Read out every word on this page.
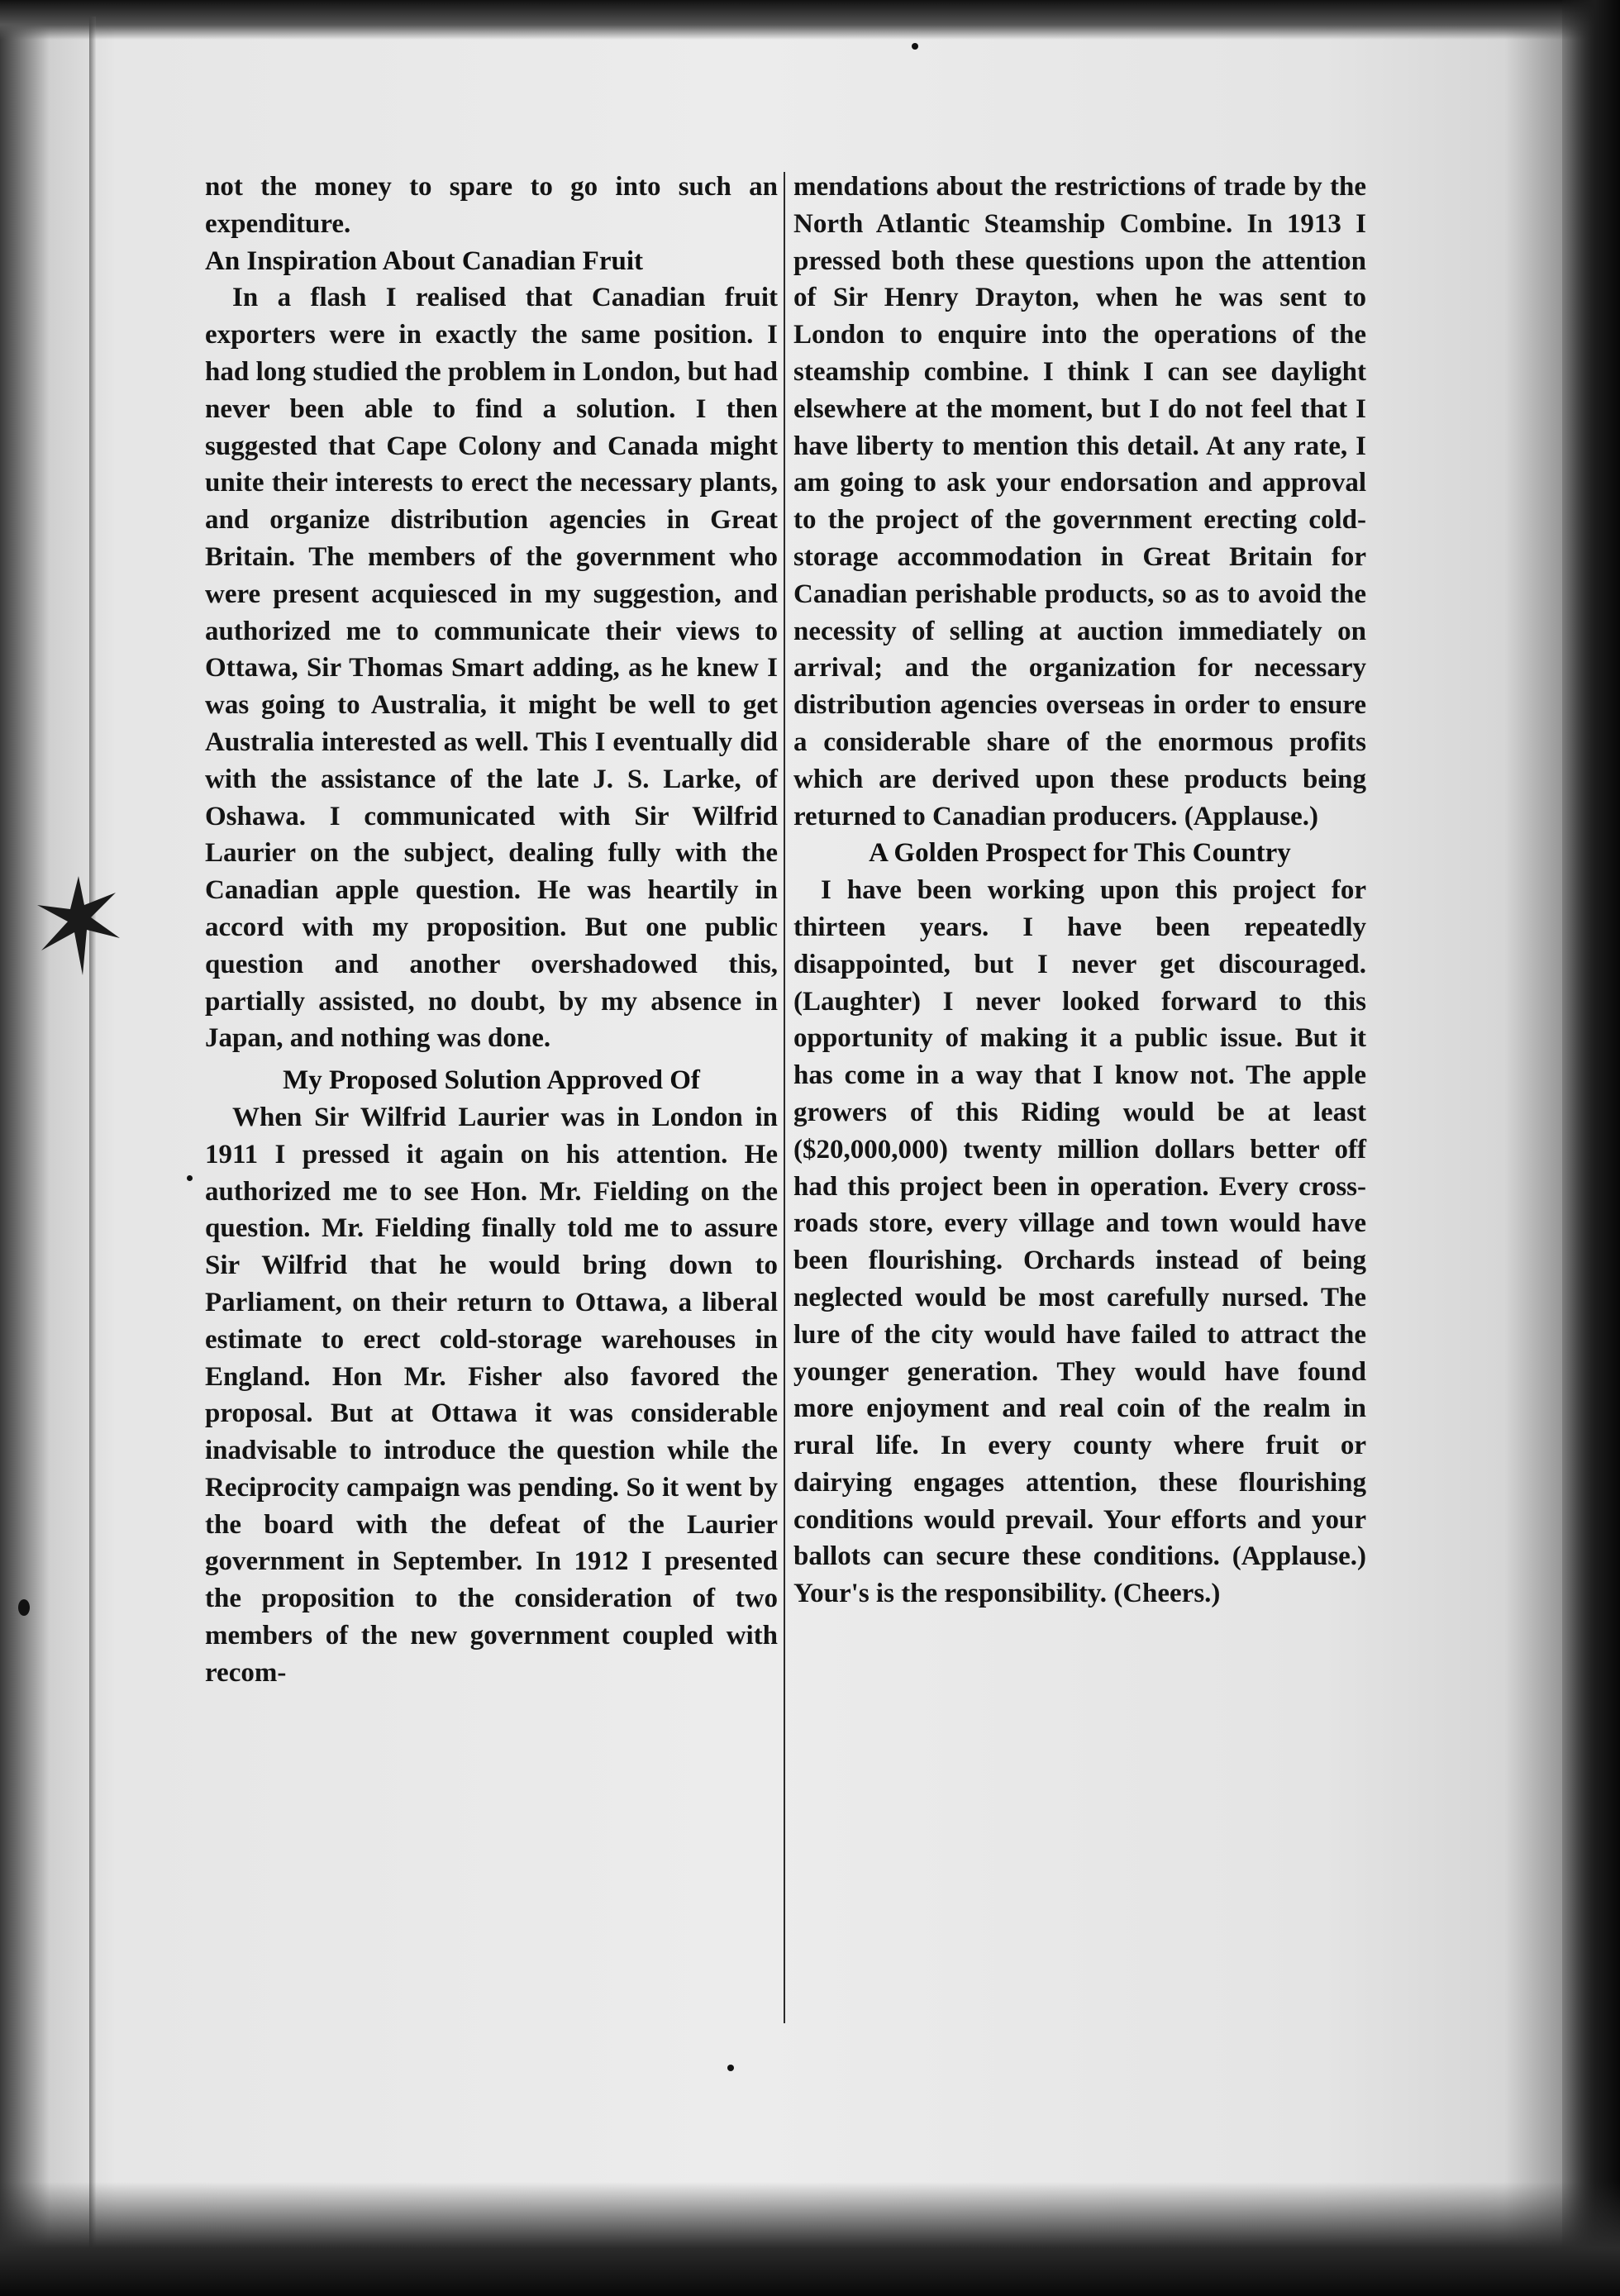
not the money to spare to go into such an expenditure.

An Inspiration About Canadian Fruit

In a flash I realised that Canadian fruit exporters were in exactly the same position. I had long studied the problem in London, but had never been able to find a solution. I then suggested that Cape Colony and Canada might unite their interests to erect the necessary plants, and organize distribution agencies in Great Britain. The members of the government who were present acquiesced in my suggestion, and authorized me to communicate their views to Ottawa, Sir Thomas Smart adding, as he knew I was going to Australia, it might be well to get Australia interested as well. This I eventually did with the assistance of the late J. S. Larke, of Oshawa. I communicated with Sir Wilfrid Laurier on the subject, dealing fully with the Canadian apple question. He was heartily in accord with my proposition. But one public question and another overshadowed this, partially assisted, no doubt, by my absence in Japan, and nothing was done.

My Proposed Solution Approved Of

When Sir Wilfrid Laurier was in London in 1911 I pressed it again on his attention. He authorized me to see Hon. Mr. Fielding on the question. Mr. Fielding finally told me to assure Sir Wilfrid that he would bring down to Parliament, on their return to Ottawa, a liberal estimate to erect cold-storage warehouses in England. Hon Mr. Fisher also favored the proposal. But at Ottawa it was considerable inadvisable to introduce the question while the Reciprocity campaign was pending. So it went by the board with the defeat of the Laurier government in September. In 1912 I presented the proposition to the consideration of two members of the new government coupled with recom-

mendations about the restrictions of trade by the North Atlantic Steamship Combine. In 1913 I pressed both these questions upon the attention of Sir Henry Drayton, when he was sent to London to enquire into the operations of the steamship combine. I think I can see daylight elsewhere at the moment, but I do not feel that I have liberty to mention this detail. At any rate, I am going to ask your endorsation and approval to the project of the government erecting cold-storage accommodation in Great Britain for Canadian perishable products, so as to avoid the necessity of selling at auction immediately on arrival; and the organization for necessary distribution agencies overseas in order to ensure a considerable share of the enormous profits which are derived upon these products being returned to Canadian producers. (Applause.)

A Golden Prospect for This Country

I have been working upon this project for thirteen years. I have been repeatedly disappointed, but I never get discouraged. (Laughter) I never looked forward to this opportunity of making it a public issue. But it has come in a way that I know not. The apple growers of this Riding would be at least ($20,000,000) twenty million dollars better off had this project been in operation. Every cross-roads store, every village and town would have been flourishing. Orchards instead of being neglected would be most carefully nursed. The lure of the city would have failed to attract the younger generation. They would have found more enjoyment and real coin of the realm in rural life. In every county where fruit or dairying engages attention, these flourishing conditions would prevail. Your efforts and your ballots can secure these conditions. (Applause.) Your's is the responsibility. (Cheers.)
